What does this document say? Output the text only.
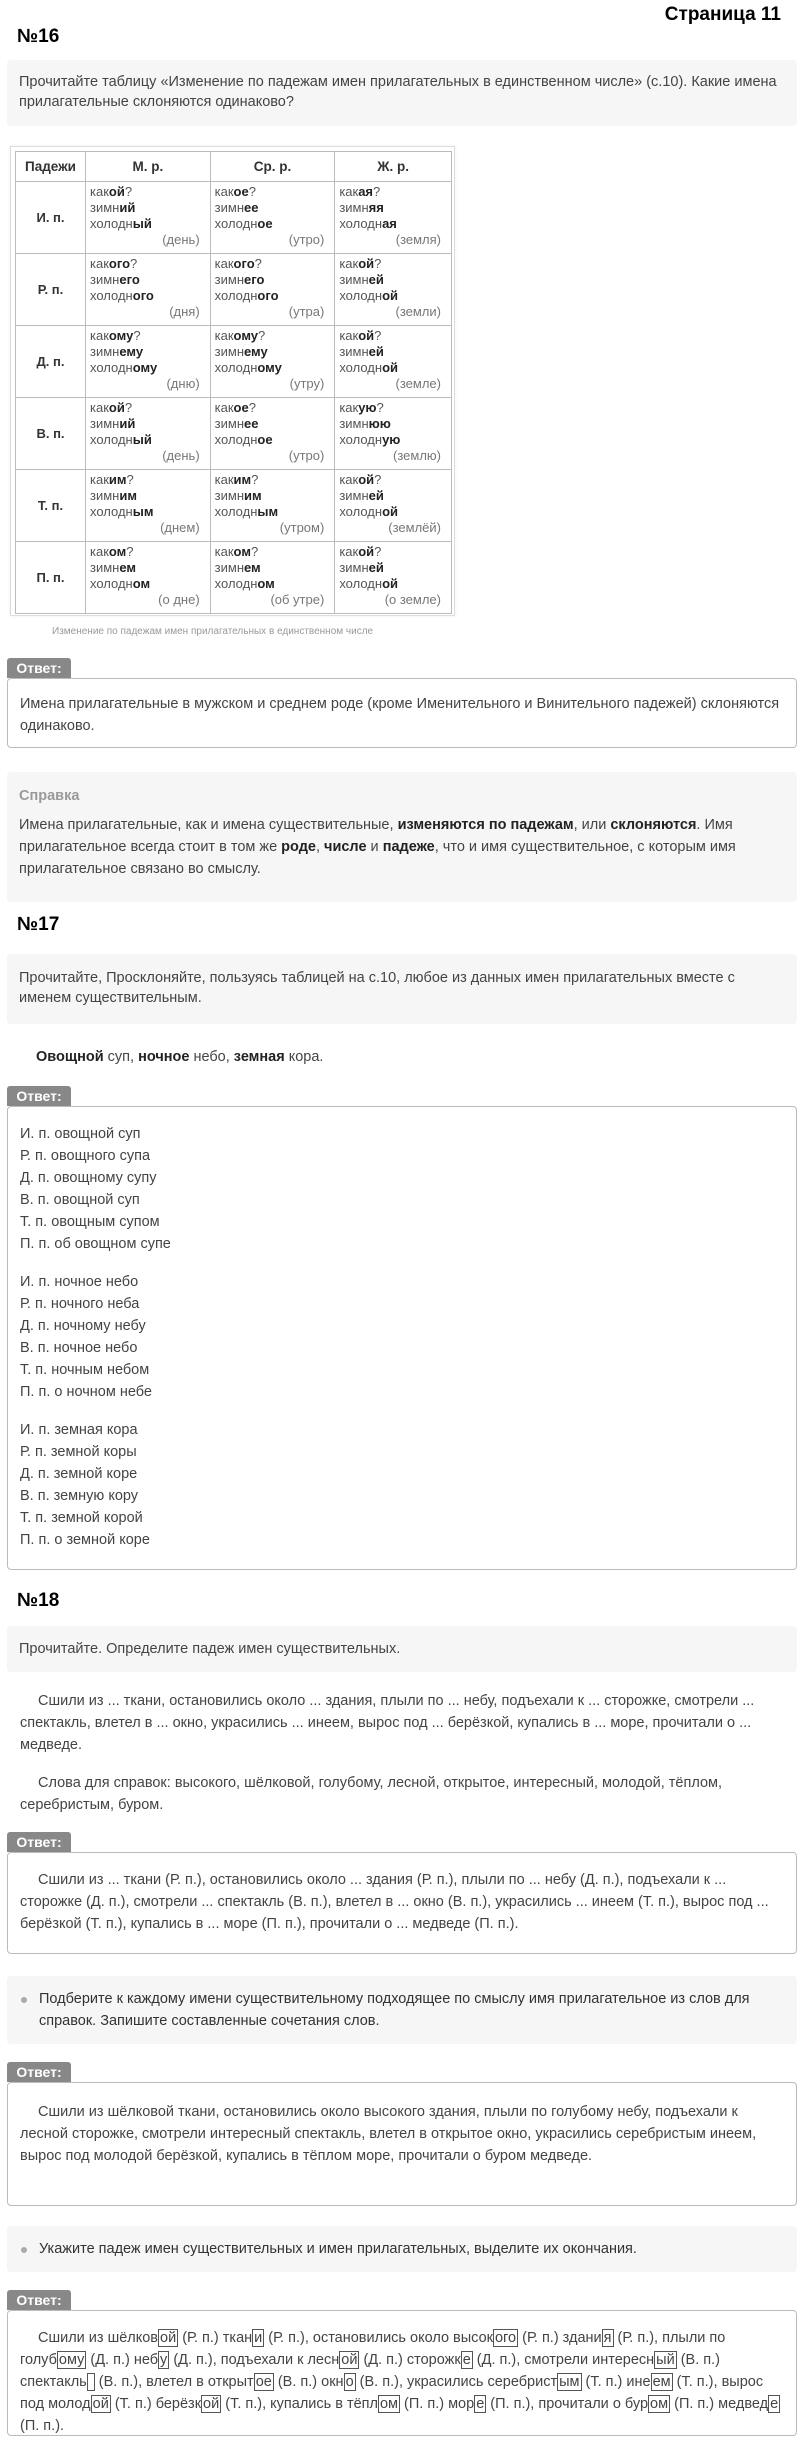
Страница 11
№16
Прочитайте таблицу «Изменение по падежам имен прилагательных в единственном числе» (с.10). Какие имена прилагательные склоняются одинаково?
Падежи	М. р.	Ср. р.	Ж. р.
И. п.	какой?
зимний
холодный
(день)	какое?
зимнее
холодное
(утро)	какая?
зимняя
холодная
(земля)

Р. п.	какого?
зимнего
холодного
(дня)	какого?
зимнего
холодного
(утра)	какой?
зимней
холодной
(земли)

Д. п.	какому?
зимнему
холодному
(дню)	какому?
зимнему
холодному
(утру)	какой?
зимней
холодной
(земле)

В. п.	какой?
зимний
холодный
(день)	какое?
зимнее
холодное
(утро)	какую?
зимнюю
холодную
(землю)

Т. п.	каким?
зимним
холодным
(днем)	каким?
зимним
холодным
(утром)	какой?
зимней
холодной
(землёй)

П. п.	каком?
зимнем
холодном
(о дне)	каком?
зимнем
холодном
(об утре)	какой?
зимней
холодной
(о земле)
Изменение по падежам имен прилагательных в единственном числе
Ответ:
Имена прилагательные в мужском и среднем роде (кроме Именительного и Винительного падежей) склоняются одинаково.
Справка
Имена прилагательные, как и имена существительные, изменяются по падежам, или склоняются. Имя прилагательное всегда стоит в том же роде, числе и падеже, что и имя существительное, с которым имя прилагательное связано во смыслу.
№17
Прочитайте, Просклоняйте, пользуясь таблицей на с.10, любое из данных имен прилагательных вместе с именем существительным.
Овощной суп, ночное небо, земная кора.
Ответ:
И. п. овощной суп
Р. п. овощного супа
Д. п. овощному супу
В. п. овощной суп
Т. п. овощным супом
П. п. об овощном супе
И. п. ночное небо
Р. п. ночного неба
Д. п. ночному небу
В. п. ночное небо
Т. п. ночным небом
П. п. о ночном небе
И. п. земная кора
Р. п. земной коры
Д. п. земной коре
В. п. земную кору
Т. п. земной корой
П. п. о земной коре
№18
Прочитайте. Определите падеж имен существительных.
Сшили из ... ткани, остановились около ... здания, плыли по ... небу, подъехали к ... сторожке, смотрели ... спектакль, влетел в ... окно, украсились ... инеем, вырос под ... берёзкой, купались в ... море, прочитали о ... медведе.
Слова для справок: высокого, шёлковой, голубому, лесной, открытое, интересный, молодой, тёплом, серебристым, буром.
Ответ:
Сшили из ... ткани (Р. п.), остановились около ... здания (Р. п.), плыли по ... небу (Д. п.), подъехали к ... сторожке (Д. п.), смотрели ... спектакль (В. п.), влетел в ... окно (В. п.), украсились ... инеем (Т. п.), вырос под ... берёзкой (Т. п.), купались в ... море (П. п.), прочитали о ... медведе (П. п.).
Подберите к каждому имени существительному подходящее по смыслу имя прилагательное из слов для справок. Запишите составленные сочетания слов.
Ответ:
Сшили из шёлковой ткани, остановились около высокого здания, плыли по голубому небу, подъехали к лесной сторожке, смотрели интересный спектакль, влетел в открытое окно, украсились серебристым инеем, вырос под молодой берёзкой, купались в тёплом море, прочитали о буром медведе.
Укажите падеж имен существительных и имен прилагательных, выделите их окончания.
Ответ:
Сшили из шёлков ой (Р. п.) ткан и (Р. п.), остановились около высок ого (Р. п.) здани я (Р. п.), плыли по голуб ому (Д. п.) неб у (Д. п.), подъехали к лесн ой (Д. п.) сторожк е (Д. п.), смотрели интересн ый (В. п.) спектакль  (В. п.), влетел в открыт ое (В. п.) окн о (В. п.), украсились серебрист ым (Т. п.) ине ем (Т. п.), вырос под молод ой (Т. п.) берёзк ой (Т. п.), купались в тёпл ом (П. п.) мор е (П. п.), прочитали о бур ом (П. п.) медвед е (П. п.).
